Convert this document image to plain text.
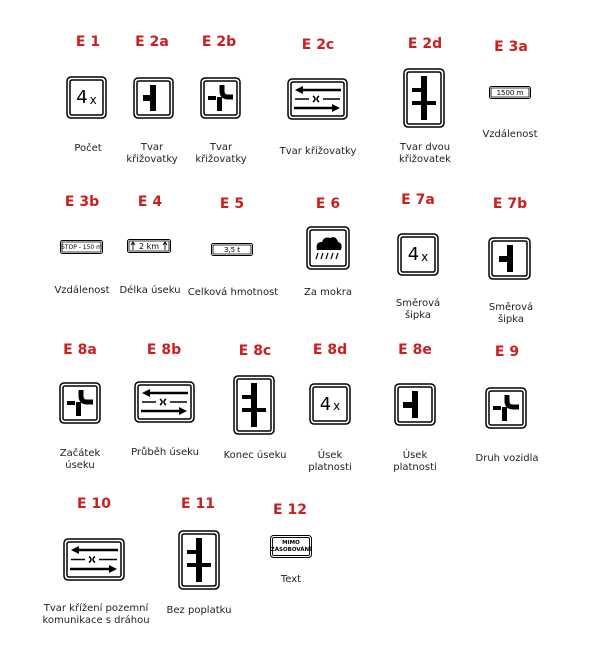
E 1
4 x
Počet
E 2a
Tvar
křižovatky
E 2b
Tvar
křižovatky
E 2c
Tvar křižovatky
E 2d
Tvar dvou
křižovatek
E 3a
1500 m
Vzdálenost
E 3b
STOP - 150 m
Vzdálenost
E 4
2 km
Délka úseku
E 5
3,5 t
Celková hmotnost
E 6
Za mokra
E 7a
4 x
Směrová
šipka
E 7b
Směrová
šipka
E 8a
Začátek
úseku
E 8b
Průběh úseku
E 8c
Konec úseku
E 8d
4 x
Úsek
platnosti
E 8e
Úsek
platnosti
E 9
Druh vozidla
E 10
Tvar křížení pozemní
komunikace s dráhou
E 11
Bez poplatku
E 12
MIMO
ZÁSOBOVÁNÍ
Text
